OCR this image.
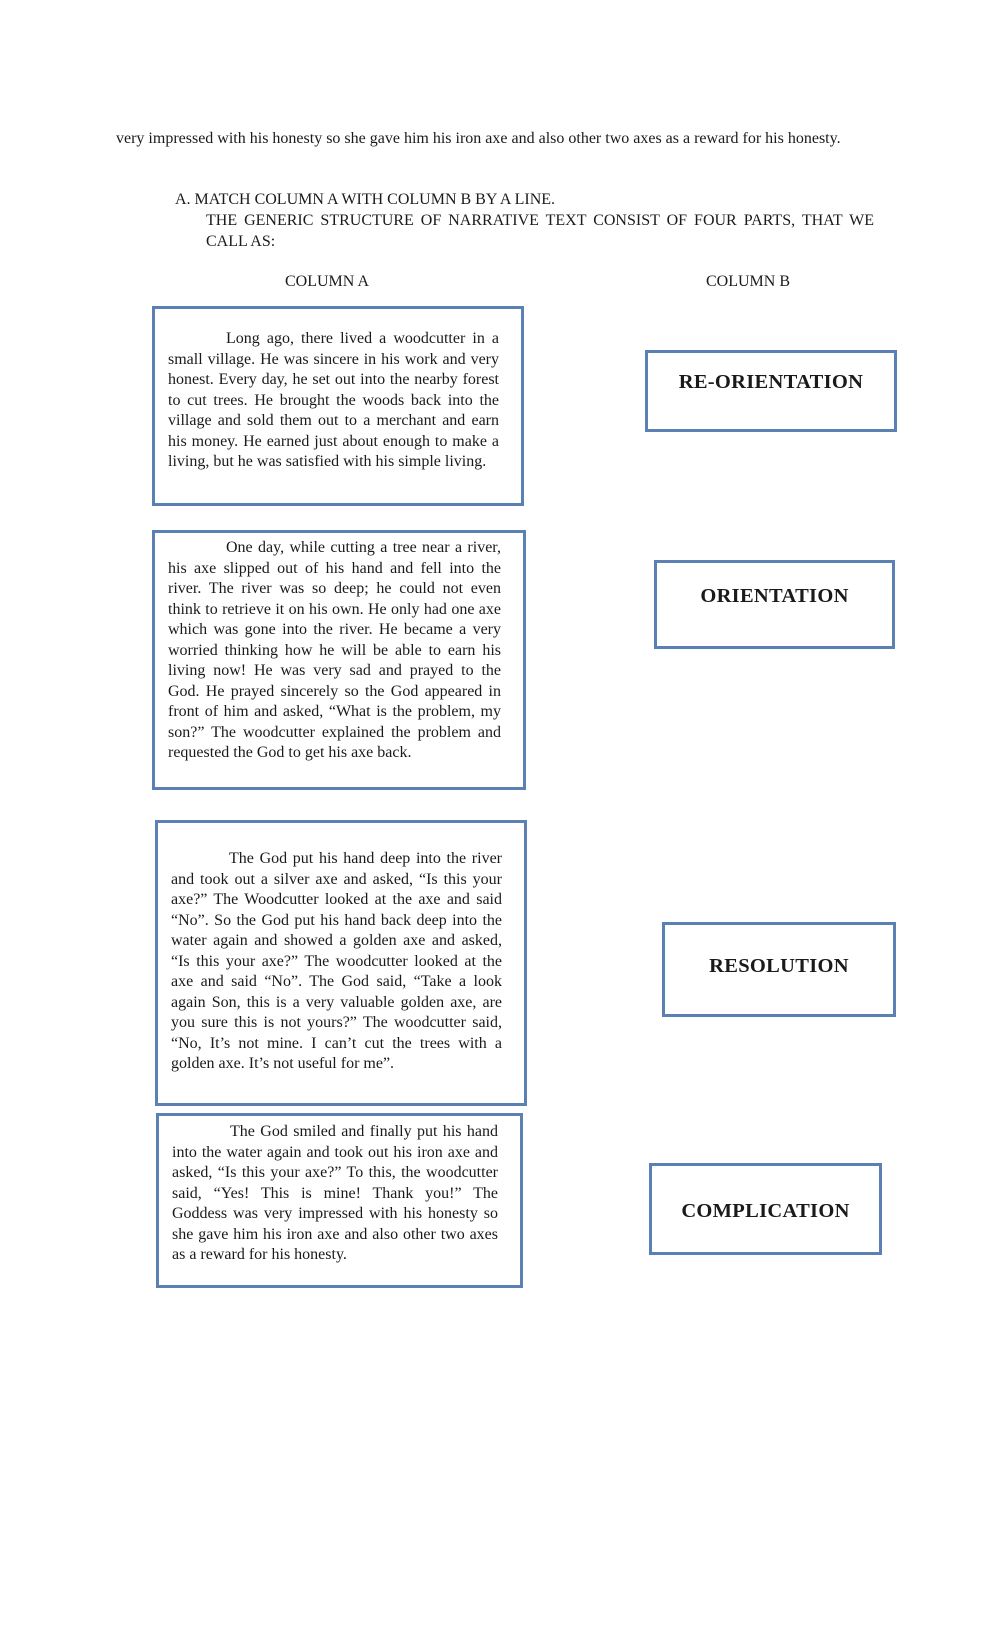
very impressed with his honesty so she gave him his iron axe and also other two axes as a reward for his honesty.
A. MATCH COLUMN A WITH COLUMN B BY A LINE.
THE GENERIC STRUCTURE OF NARRATIVE TEXT CONSIST OF FOUR PARTS, THAT WE CALL AS:
COLUMN A	COLUMN B

Long ago, there lived a woodcutter in a small village. He was sincere in his work and very honest. Every day, he set out into the nearby forest to cut trees. He brought the woods back into the village and sold them out to a merchant and earn his money. He earned just about enough to make a living, but he was satisfied with his simple living.

One day, while cutting a tree near a river, his axe slipped out of his hand and fell into the river. The river was so deep; he could not even think to retrieve it on his own. He only had one axe which was gone into the river. He became a very worried thinking how he will be able to earn his living now! He was very sad and prayed to the God. He prayed sincerely so the God appeared in front of him and asked, “What is the problem, my son?” The woodcutter explained the problem and requested the God to get his axe back.

The God put his hand deep into the river and took out a silver axe and asked, “Is this your axe?” The Woodcutter looked at the axe and said “No”. So the God put his hand back deep into the water again and showed a golden axe and asked, “Is this your axe?” The woodcutter looked at the axe and said “No”. The God said, “Take a look again Son, this is a very valuable golden axe, are you sure this is not yours?” The woodcutter said, “No, It’s not mine. I can’t cut the trees with a golden axe. It’s not useful for me”.

The God smiled and finally put his hand into the water again and took out his iron axe and asked, “Is this your axe?” To this, the woodcutter said, “Yes! This is mine! Thank you!” The Goddess was very impressed with his honesty so she gave him his iron axe and also other two axes as a reward for his honesty.

RE-ORIENTATION
ORIENTATION
RESOLUTION
COMPLICATION
